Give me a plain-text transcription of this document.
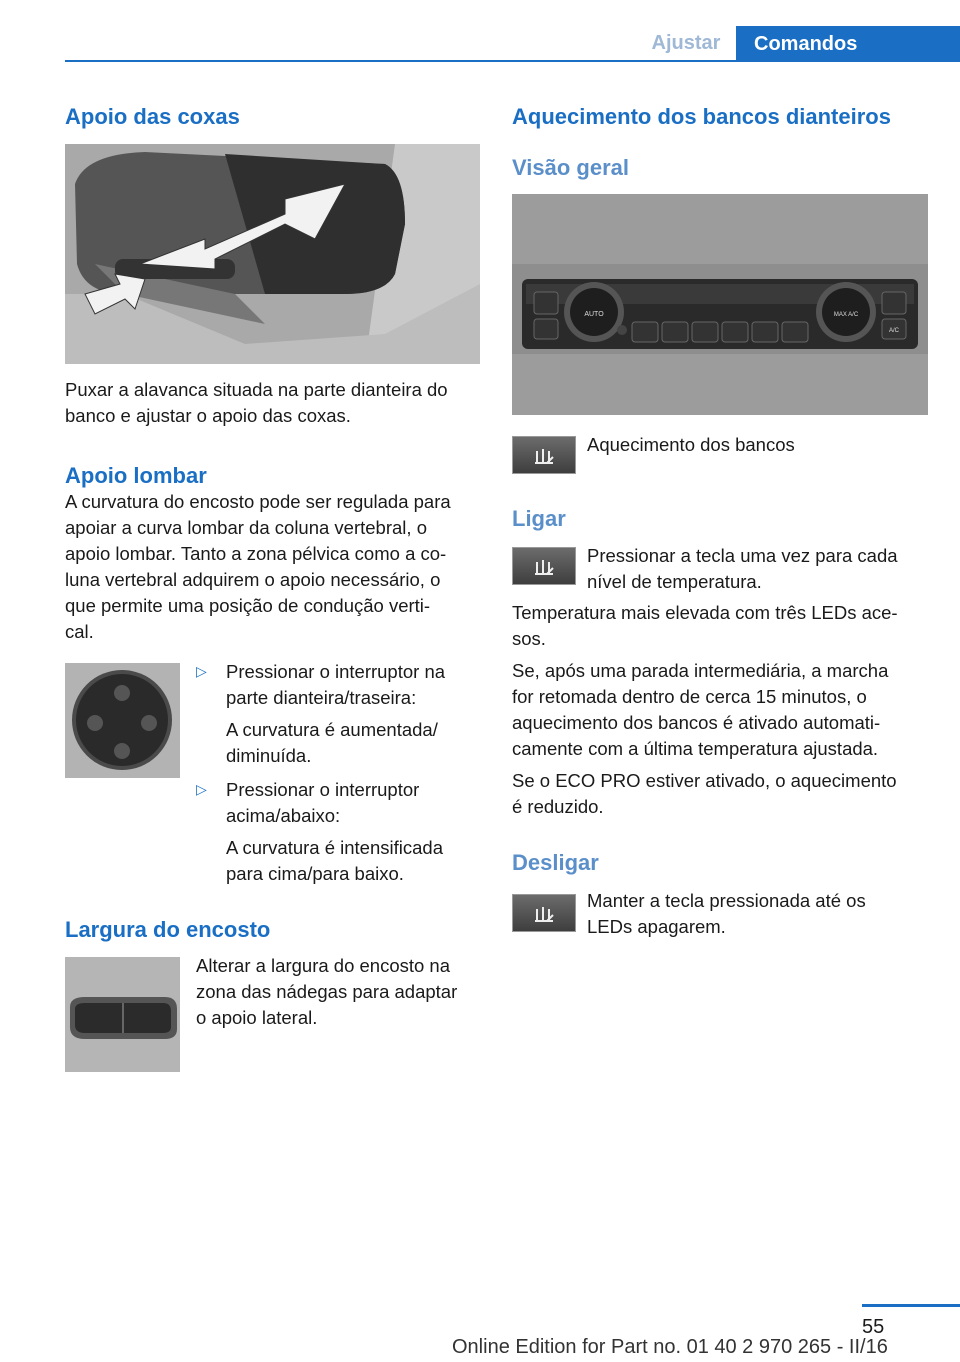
Ajustar	Comandos
Apoio das coxas

Puxar a alavanca situada na parte dianteira do banco e ajustar o apoio das coxas.

Apoio lombar

A curvatura do encosto pode ser regulada para

apoiar a curva lombar da coluna vertebral, o

apoio lombar. Tanto a zona pélvica como a co-

luna vertebral adquirem o apoio necessário, o

que permite uma posição de condução verti-

cal.

▷ Pressionar o interruptor na

parte dianteira/traseira:

A curvatura é aumentada/

diminuída.

▷ Pressionar o interruptor

acima/abaixo:

A curvatura é intensificada

para cima/para baixo.

Largura do encosto

Alterar a largura do encosto na

zona das nádegas para adaptar

o apoio lateral.

Aquecimento dos bancos dianteiros
Visão geral
AUTO	MAX A/C
A/C

Aquecimento dos bancos

Ligar

Pressionar a tecla uma vez para cada

nível de temperatura.

Temperatura mais elevada com três LEDs ace-

sos.

Se, após uma parada intermediária, a marcha

for retomada dentro de cerca 15 minutos, o

aquecimento dos bancos é ativado automati-

camente com a última temperatura ajustada.

Se o ECO PRO estiver ativado, o aquecimento

é reduzido.

Desligar

Manter a tecla pressionada até os

LEDs apagarem.

55
Online Edition for Part no. 01 40 2 970 265 - II/16
